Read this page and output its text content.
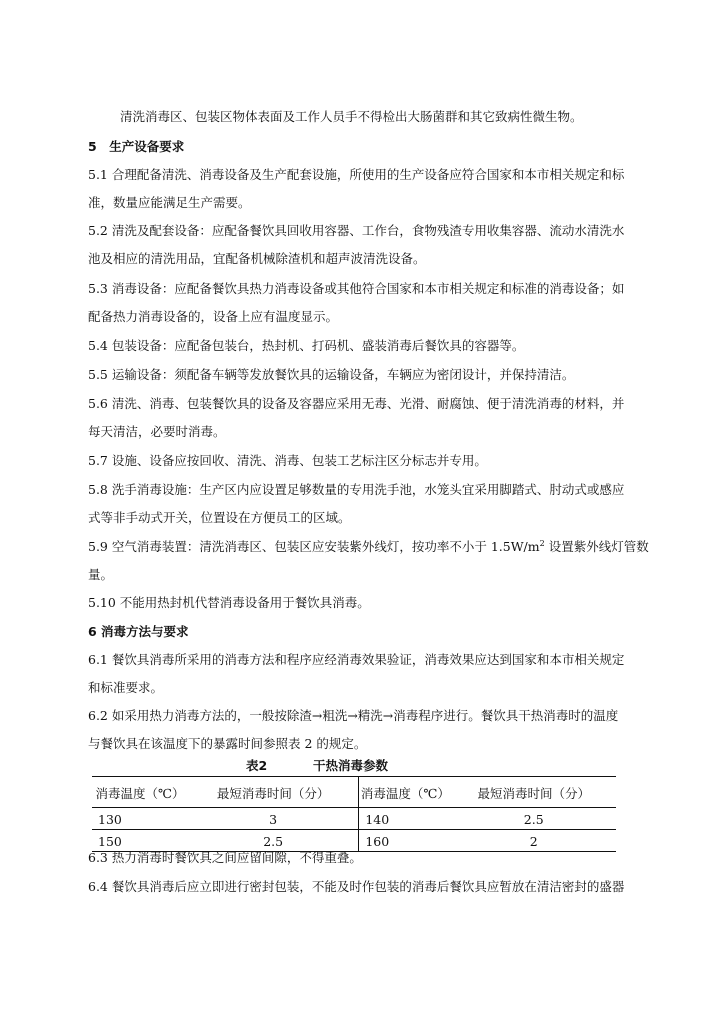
清洗消毒区、包装区物体表面及工作人员手不得检出大肠菌群和其它致病性微生物。
5　生产设备要求
5.1 合理配备清洗、消毒设备及生产配套设施，所使用的生产设备应符合国家和本市相关规定和标
准，数量应能满足生产需要。
5.2 清洗及配套设备：应配备餐饮具回收用容器、工作台，食物残渣专用收集容器、流动水清洗水
池及相应的清洗用品，宜配备机械除渣机和超声波清洗设备。
5.3 消毒设备：应配备餐饮具热力消毒设备或其他符合国家和本市相关规定和标准的消毒设备；如
配备热力消毒设备的，设备上应有温度显示。
5.4 包装设备：应配备包装台，热封机、打码机、盛装消毒后餐饮具的容器等。
5.5 运输设备：须配备车辆等发放餐饮具的运输设备，车辆应为密闭设计，并保持清洁。
5.6 清洗、消毒、包装餐饮具的设备及容器应采用无毒、光滑、耐腐蚀、便于清洗消毒的材料，并
每天清洁，必要时消毒。
5.7 设施、设备应按回收、清洗、消毒、包装工艺标注区分标志并专用。
5.8 洗手消毒设施：生产区内应设置足够数量的专用洗手池，水笼头宜采用脚踏式、肘动式或感应
式等非手动式开关，位置设在方便员工的区域。
5.9 空气消毒装置：清洗消毒区、包装区应安装紫外线灯，按功率不小于 $1.5W/m^2$ 设置紫外线灯管数
量。
5.10 不能用热封机代替消毒设备用于餐饮具消毒。
6 消毒方法与要求
6.1 餐饮具消毒所采用的消毒方法和程序应经消毒效果验证，消毒效果应达到国家和本市相关规定
和标准要求。
6.2 如采用热力消毒方法的，一般按除渣→粗洗→精洗→消毒程序进行。餐饮具干热消毒时的温度
与餐饮具在该温度下的暴露时间参照表 2 的规定。
表2	干热消毒参数
消毒温度（℃）	最短消毒时间（分）	消毒温度（℃）	最短消毒时间（分）
130	3	140	2.5
150	2.5	160	2
6.3 热力消毒时餐饮具之间应留间隙，不得重叠。
6.4 餐饮具消毒后应立即进行密封包装，不能及时作包装的消毒后餐饮具应暂放在清洁密封的盛器
